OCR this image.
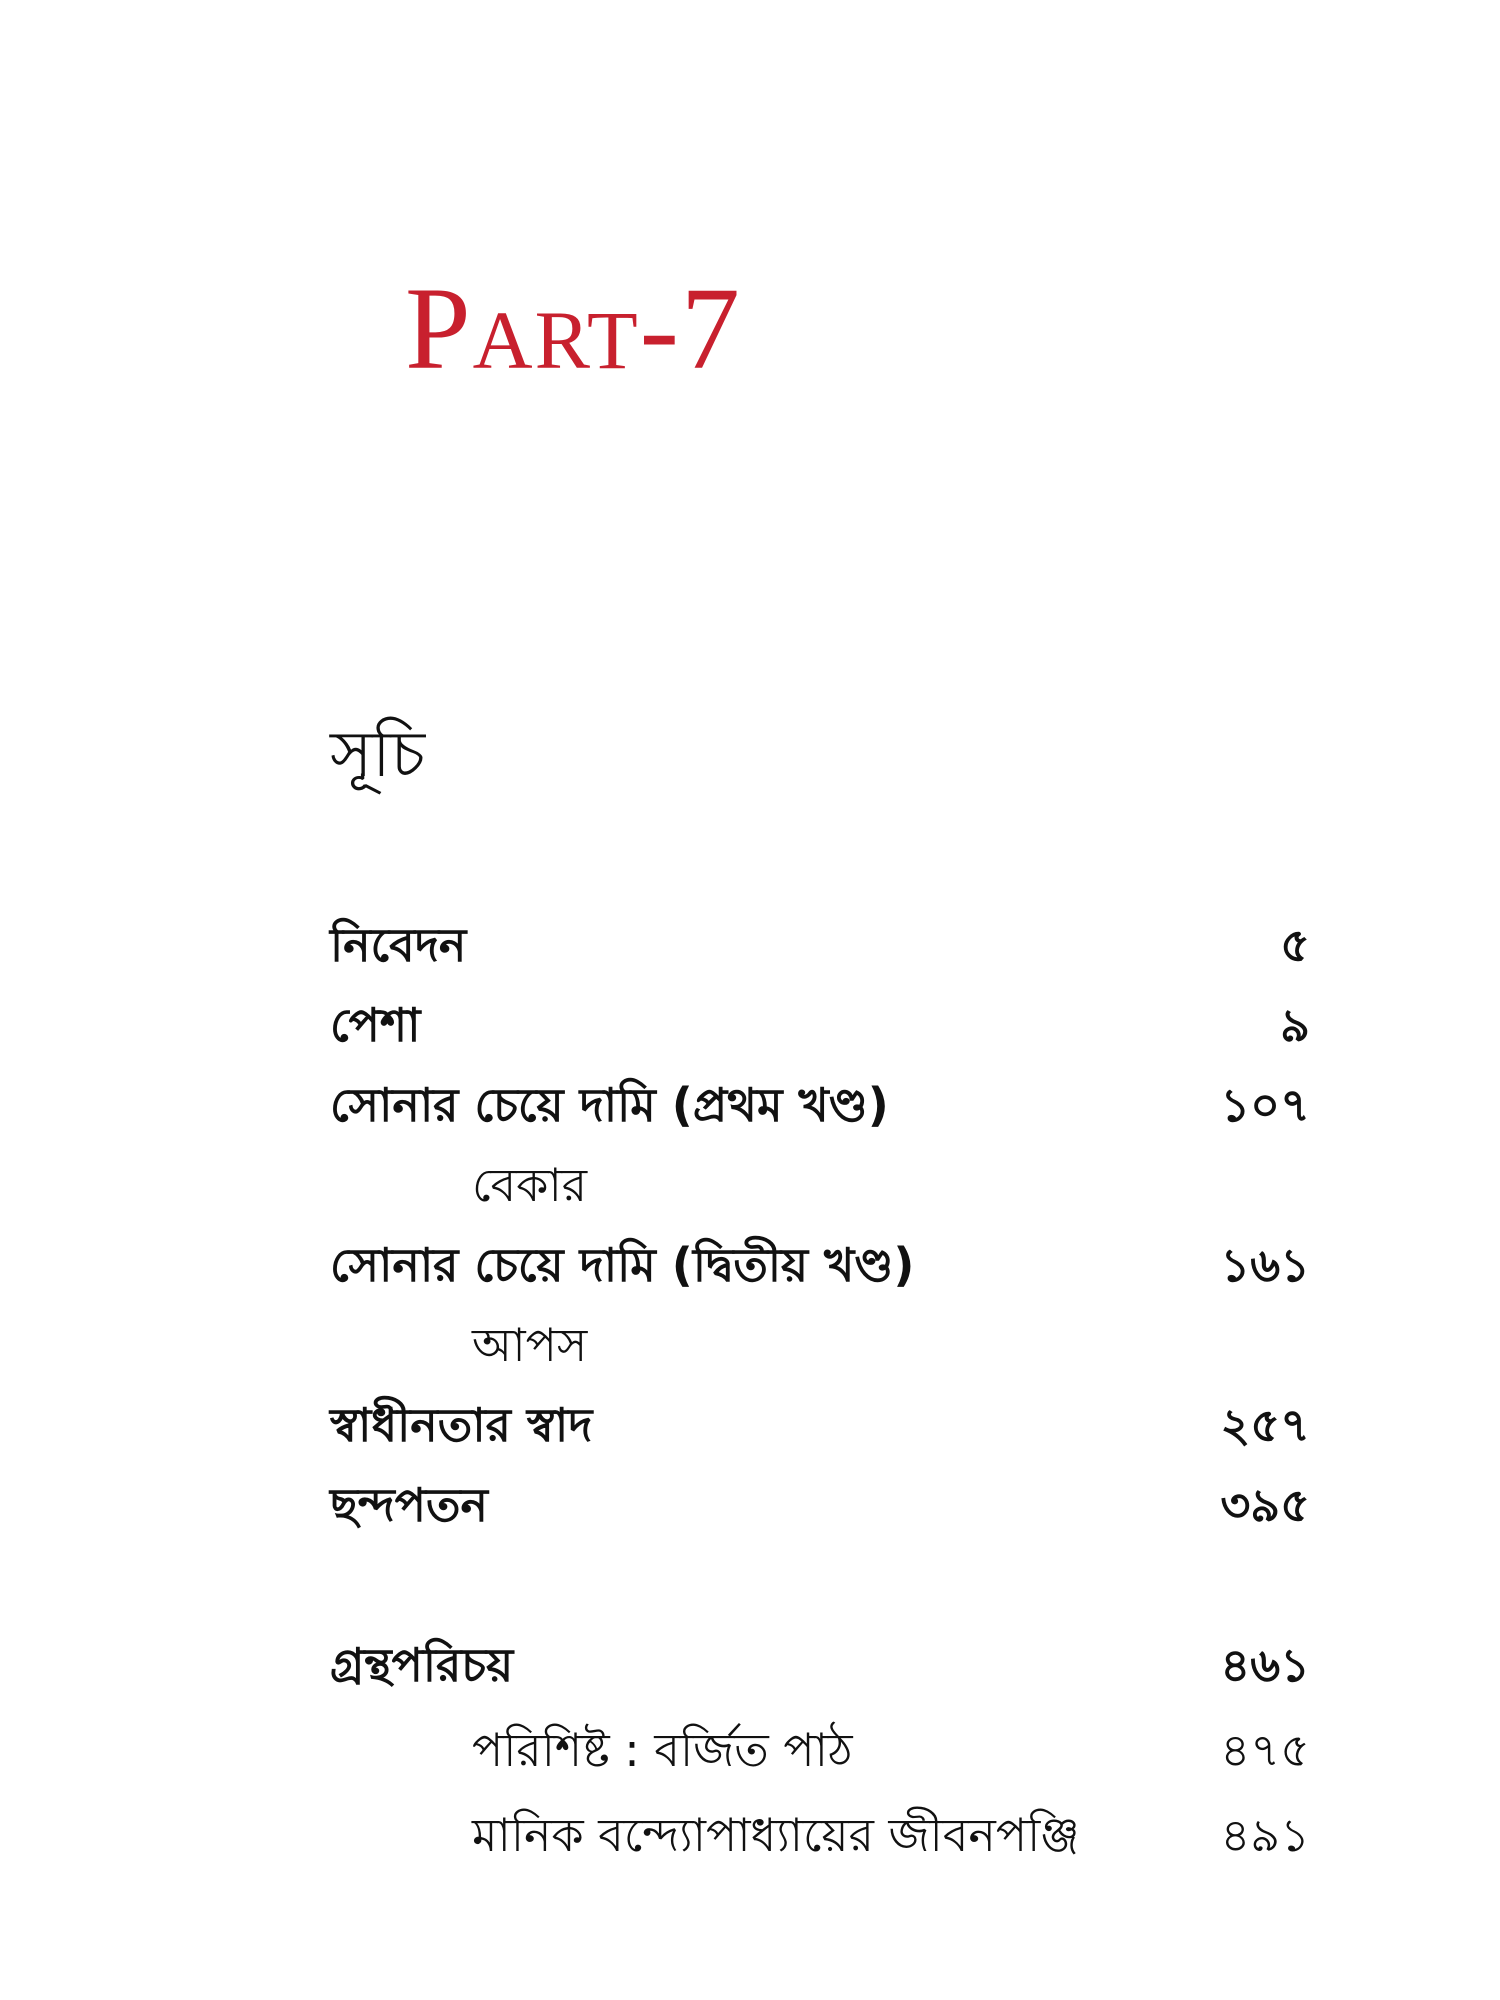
Part-7
সূচি
নিবেদন	৫
পেশা	৯
সোনার চেয়ে দামি (প্রথম খণ্ড)	১০৭
বেকার
সোনার চেয়ে দামি (দ্বিতীয় খণ্ড)	১৬১
আপস
স্বাধীনতার স্বাদ	২৫৭
ছন্দপতন	৩৯৫
গ্রন্থপরিচয়	৪৬১
পরিশিষ্ট : বর্জিত পাঠ	৪৭৫
মানিক বন্দ্যোপাধ্যায়ের জীবনপঞ্জি	৪৯১
